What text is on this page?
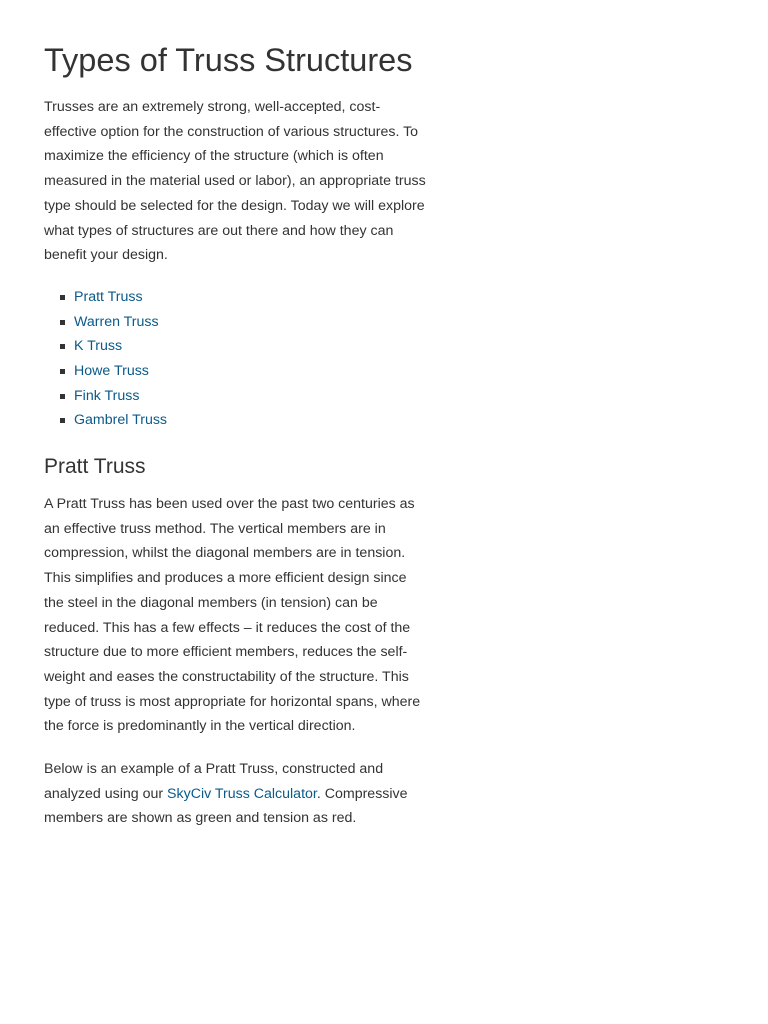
Types of Truss Structures

Trusses are an extremely strong, well-accepted, cost-
effective option for the construction of various structures. To
maximize the efficiency of the structure (which is often
measured in the material used or labor), an appropriate truss
type should be selected for the design. Today we will explore
what types of structures are out there and how they can
benefit your design.

Pratt Truss
Warren Truss
K Truss
Howe Truss
Fink Truss
Gambrel Truss
Pratt Truss

A Pratt Truss has been used over the past two centuries as
an effective truss method. The vertical members are in
compression, whilst the diagonal members are in tension.
This simplifies and produces a more efficient design since
the steel in the diagonal members (in tension) can be
reduced. This has a few effects – it reduces the cost of the
structure due to more efficient members, reduces the self-
weight and eases the constructability of the structure. This
type of truss is most appropriate for horizontal spans, where
the force is predominantly in the vertical direction.

Below is an example of a Pratt Truss, constructed and
analyzed using our SkyCiv Truss Calculator. Compressive
members are shown as green and tension as red.
